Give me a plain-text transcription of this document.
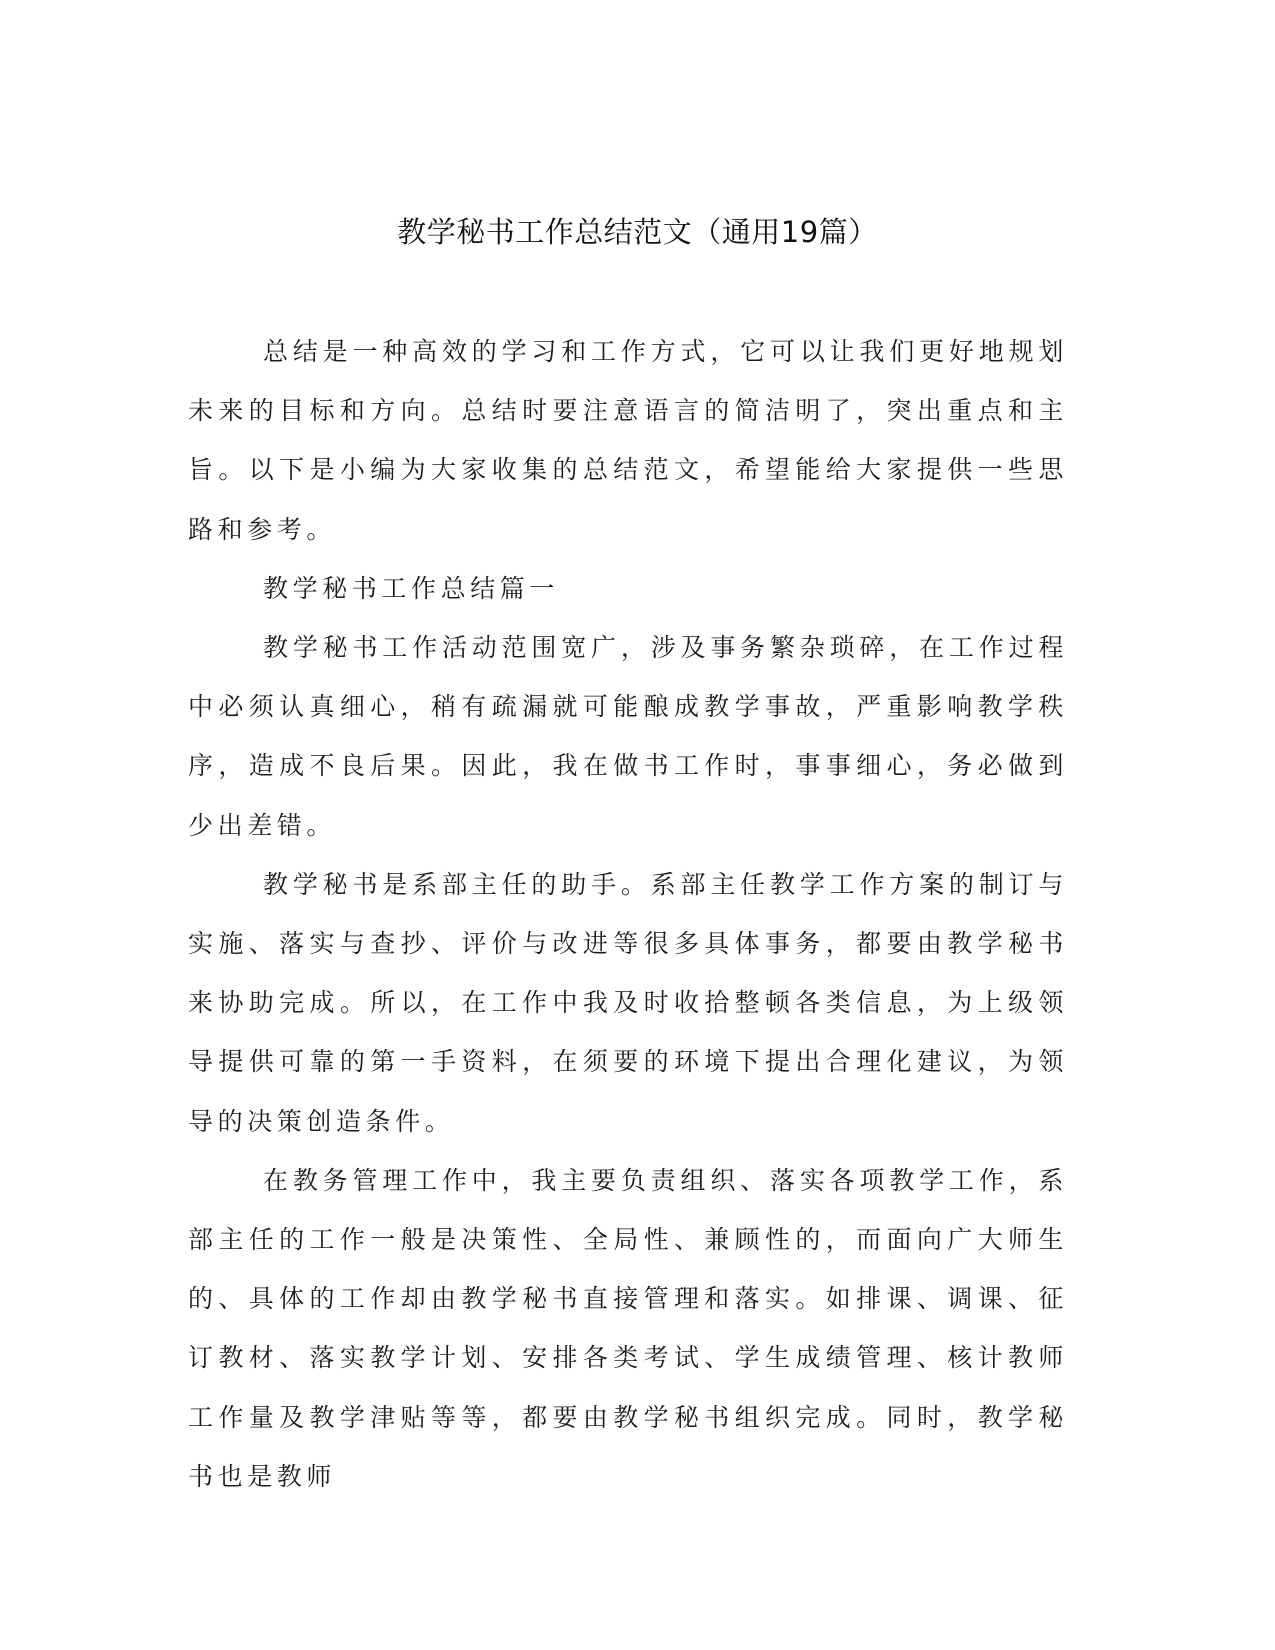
教学秘书工作总结范文（通用19篇）

总结是一种高效的学习和工作方式，它可以让我们更好地规划未来的目标和方向。总结时要注意语言的简洁明了，突出重点和主旨。以下是小编为大家收集的总结范文，希望能给大家提供一些思路和参考。

教学秘书工作总结篇一

教学秘书工作活动范围宽广，涉及事务繁杂琐碎，在工作过程中必须认真细心，稍有疏漏就可能酿成教学事故，严重影响教学秩序，造成不良后果。因此，我在做书工作时，事事细心，务必做到少出差错。

教学秘书是系部主任的助手。系部主任教学工作方案的制订与实施、落实与查抄、评价与改进等很多具体事务，都要由教学秘书来协助完成。所以，在工作中我及时收拾整顿各类信息，为上级领导提供可靠的第一手资料，在须要的环境下提出合理化建议，为领导的决策创造条件。

在教务管理工作中，我主要负责组织、落实各项教学工作，系部主任的工作一般是决策性、全局性、兼顾性的，而面向广大师生的、具体的工作却由教学秘书直接管理和落实。如排课、调课、征订教材、落实教学计划、安排各类考试、学生成绩管理、核计教师工作量及教学津贴等等，都要由教学秘书组织完成。同时，教学秘书也是教师
